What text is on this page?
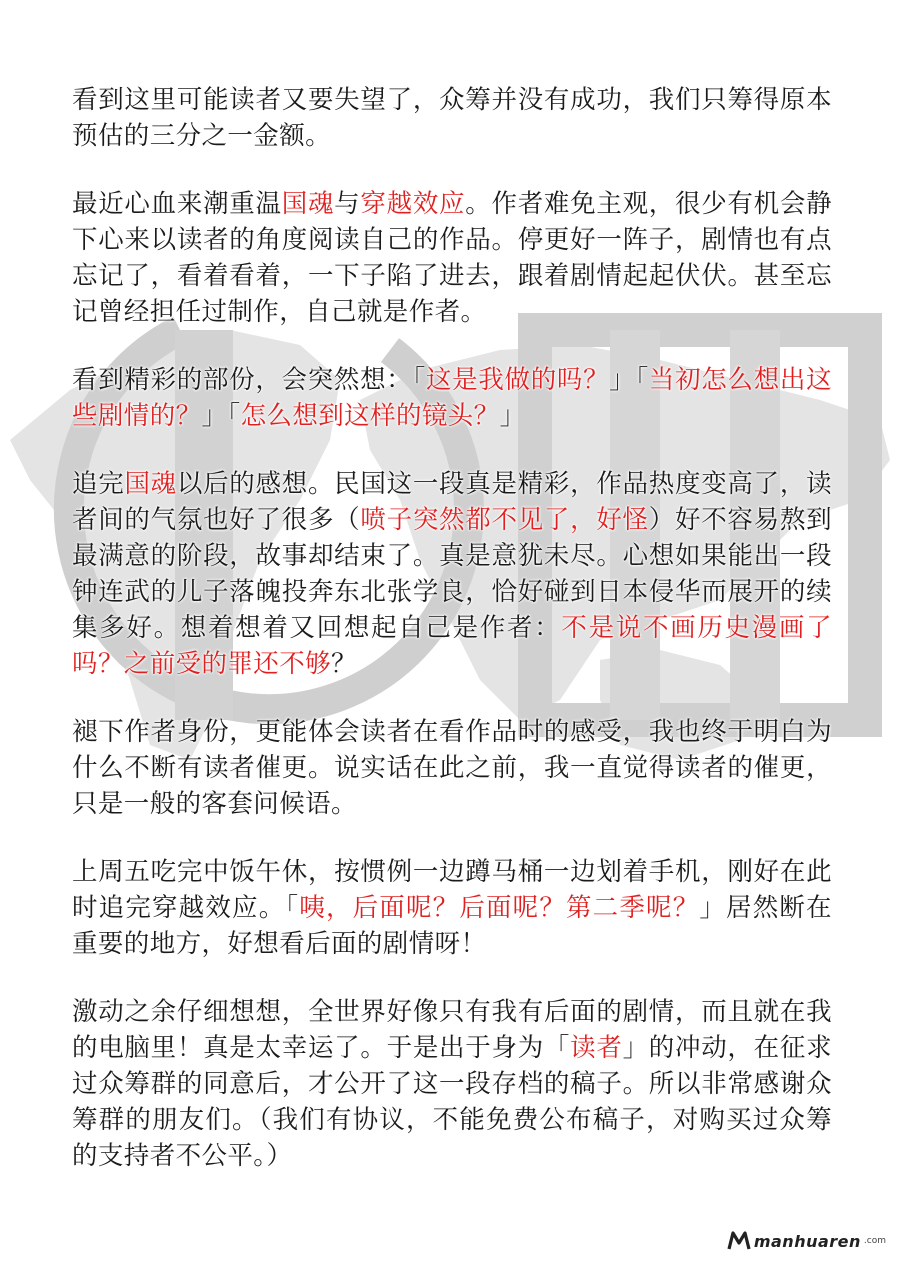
看到这里可能读者又要失望了，众筹并没有成功，我们只筹得原本预估的三分之一金额。

最近心血来潮重温国魂与穿越效应。作者难免主观，很少有机会静下心来以读者的角度阅读自己的作品。停更好一阵子，剧情也有点忘记了，看着看着，一下子陷了进去，跟着剧情起起伏伏。甚至忘记曾经担任过制作，自己就是作者。

看到精彩的部份，会突然想：「这是我做的吗？」「当初怎么想出这些剧情的？」「怎么想到这样的镜头？」

追完国魂以后的感想。民国这一段真是精彩，作品热度变高了，读者间的气氛也好了很多（喷子突然都不见了，好怪）好不容易熬到最满意的阶段，故事却结束了。真是意犹未尽。心想如果能出一段钟连武的儿子落魄投奔东北张学良，恰好碰到日本侵华而展开的续集多好。想着想着又回想起自己是作者：不是说不画历史漫画了吗？之前受的罪还不够？

褪下作者身份，更能体会读者在看作品时的感受，我也终于明白为什么不断有读者催更。说实话在此之前，我一直觉得读者的催更，只是一般的客套问候语。

上周五吃完中饭午休，按惯例一边蹲马桶一边划着手机，刚好在此时追完穿越效应。「咦，后面呢？后面呢？第二季呢？」居然断在重要的地方，好想看后面的剧情呀！

激动之余仔细想想，全世界好像只有我有后面的剧情，而且就在我的电脑里！真是太幸运了。于是出于身为「读者」的冲动，在征求过众筹群的同意后，才公开了这一段存档的稿子。所以非常感谢众筹群的朋友们。（我们有协议，不能免费公布稿子，对购买过众筹的支持者不公平。）

manhuaren .com
